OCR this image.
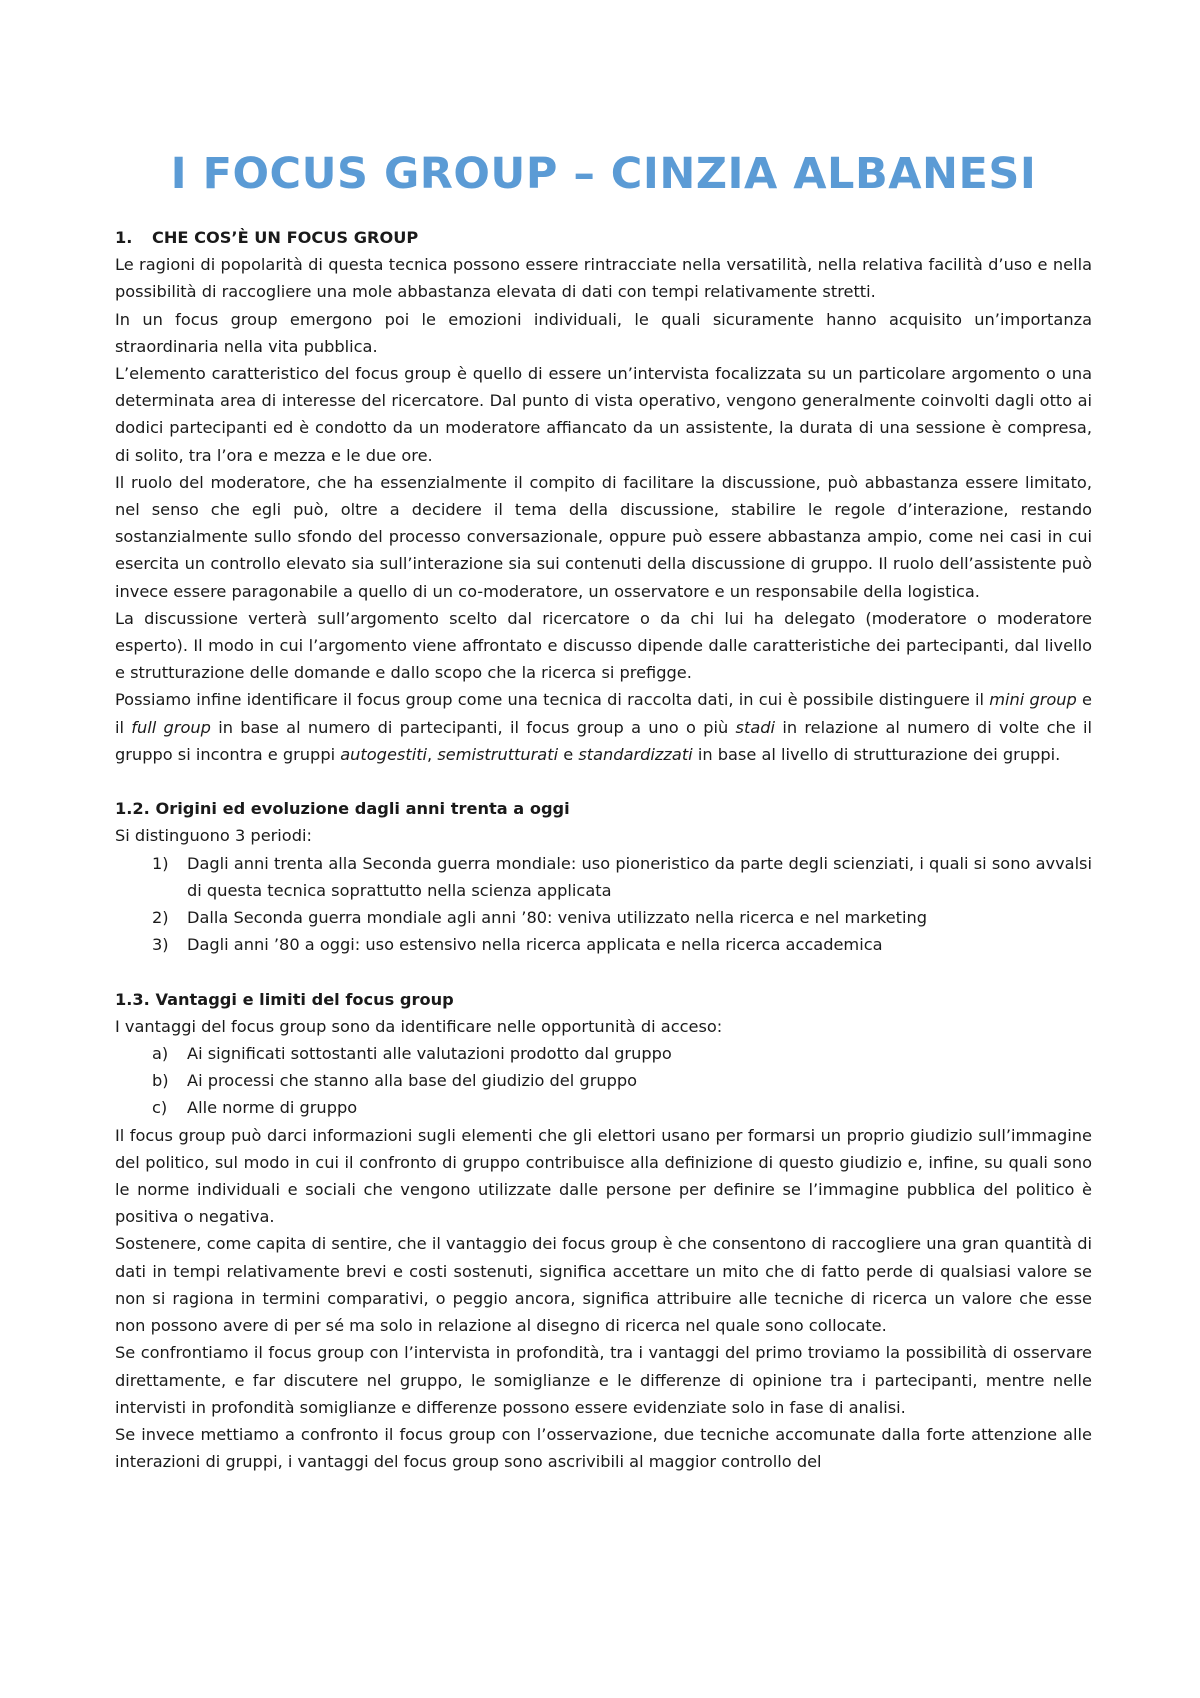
I FOCUS GROUP – CINZIA ALBANESI

1. CHE COS’È UN FOCUS GROUP

Le ragioni di popolarità di questa tecnica possono essere rintracciate nella versatilità, nella relativa facilità d’uso e nella possibilità di raccogliere una mole abbastanza elevata di dati con tempi relativamente stretti.

In un focus group emergono poi le emozioni individuali, le quali sicuramente hanno acquisito un’importanza straordinaria nella vita pubblica.

L’elemento caratteristico del focus group è quello di essere un’intervista focalizzata su un particolare argomento o una determinata area di interesse del ricercatore. Dal punto di vista operativo, vengono generalmente coinvolti dagli otto ai dodici partecipanti ed è condotto da un moderatore affiancato da un assistente, la durata di una sessione è compresa, di solito, tra l’ora e mezza e le due ore.

Il ruolo del moderatore, che ha essenzialmente il compito di facilitare la discussione, può abbastanza essere limitato, nel senso che egli può, oltre a decidere il tema della discussione, stabilire le regole d’interazione, restando sostanzialmente sullo sfondo del processo conversazionale, oppure può essere abbastanza ampio, come nei casi in cui esercita un controllo elevato sia sull’interazione sia sui contenuti della discussione di gruppo. Il ruolo dell’assistente può invece essere paragonabile a quello di un co-moderatore, un osservatore e un responsabile della logistica.

La discussione verterà sull’argomento scelto dal ricercatore o da chi lui ha delegato (moderatore o moderatore esperto). Il modo in cui l’argomento viene affrontato e discusso dipende dalle caratteristiche dei partecipanti, dal livello e strutturazione delle domande e dallo scopo che la ricerca si prefigge.

Possiamo infine identificare il focus group come una tecnica di raccolta dati, in cui è possibile distinguere il mini group e il full group in base al numero di partecipanti, il focus group a uno o più stadi in relazione al numero di volte che il gruppo si incontra e gruppi autogestiti, semistrutturati e standardizzati in base al livello di strutturazione dei gruppi.

1.2. Origini ed evoluzione dagli anni trenta a oggi

Si distinguono 3 periodi:

1) Dagli anni trenta alla Seconda guerra mondiale: uso pioneristico da parte degli scienziati, i quali si sono avvalsi di questa tecnica soprattutto nella scienza applicata
2) Dalla Seconda guerra mondiale agli anni ’80: veniva utilizzato nella ricerca e nel marketing
3) Dagli anni ’80 a oggi: uso estensivo nella ricerca applicata e nella ricerca accademica

1.3. Vantaggi e limiti del focus group

I vantaggi del focus group sono da identificare nelle opportunità di acceso:

a) Ai significati sottostanti alle valutazioni prodotto dal gruppo
b) Ai processi che stanno alla base del giudizio del gruppo
c) Alle norme di gruppo

Il focus group può darci informazioni sugli elementi che gli elettori usano per formarsi un proprio giudizio sull’immagine del politico, sul modo in cui il confronto di gruppo contribuisce alla definizione di questo giudizio e, infine, su quali sono le norme individuali e sociali che vengono utilizzate dalle persone per definire se l’immagine pubblica del politico è positiva o negativa.

Sostenere, come capita di sentire, che il vantaggio dei focus group è che consentono di raccogliere una gran quantità di dati in tempi relativamente brevi e costi sostenuti, significa accettare un mito che di fatto perde di qualsiasi valore se non si ragiona in termini comparativi, o peggio ancora, significa attribuire alle tecniche di ricerca un valore che esse non possono avere di per sé ma solo in relazione al disegno di ricerca nel quale sono collocate.

Se confrontiamo il focus group con l’intervista in profondità, tra i vantaggi del primo troviamo la possibilità di osservare direttamente, e far discutere nel gruppo, le somiglianze e le differenze di opinione tra i partecipanti, mentre nelle intervisti in profondità somiglianze e differenze possono essere evidenziate solo in fase di analisi.

Se invece mettiamo a confronto il focus group con l’osservazione, due tecniche accomunate dalla forte attenzione alle interazioni di gruppi, i vantaggi del focus group sono ascrivibili al maggior controllo del
